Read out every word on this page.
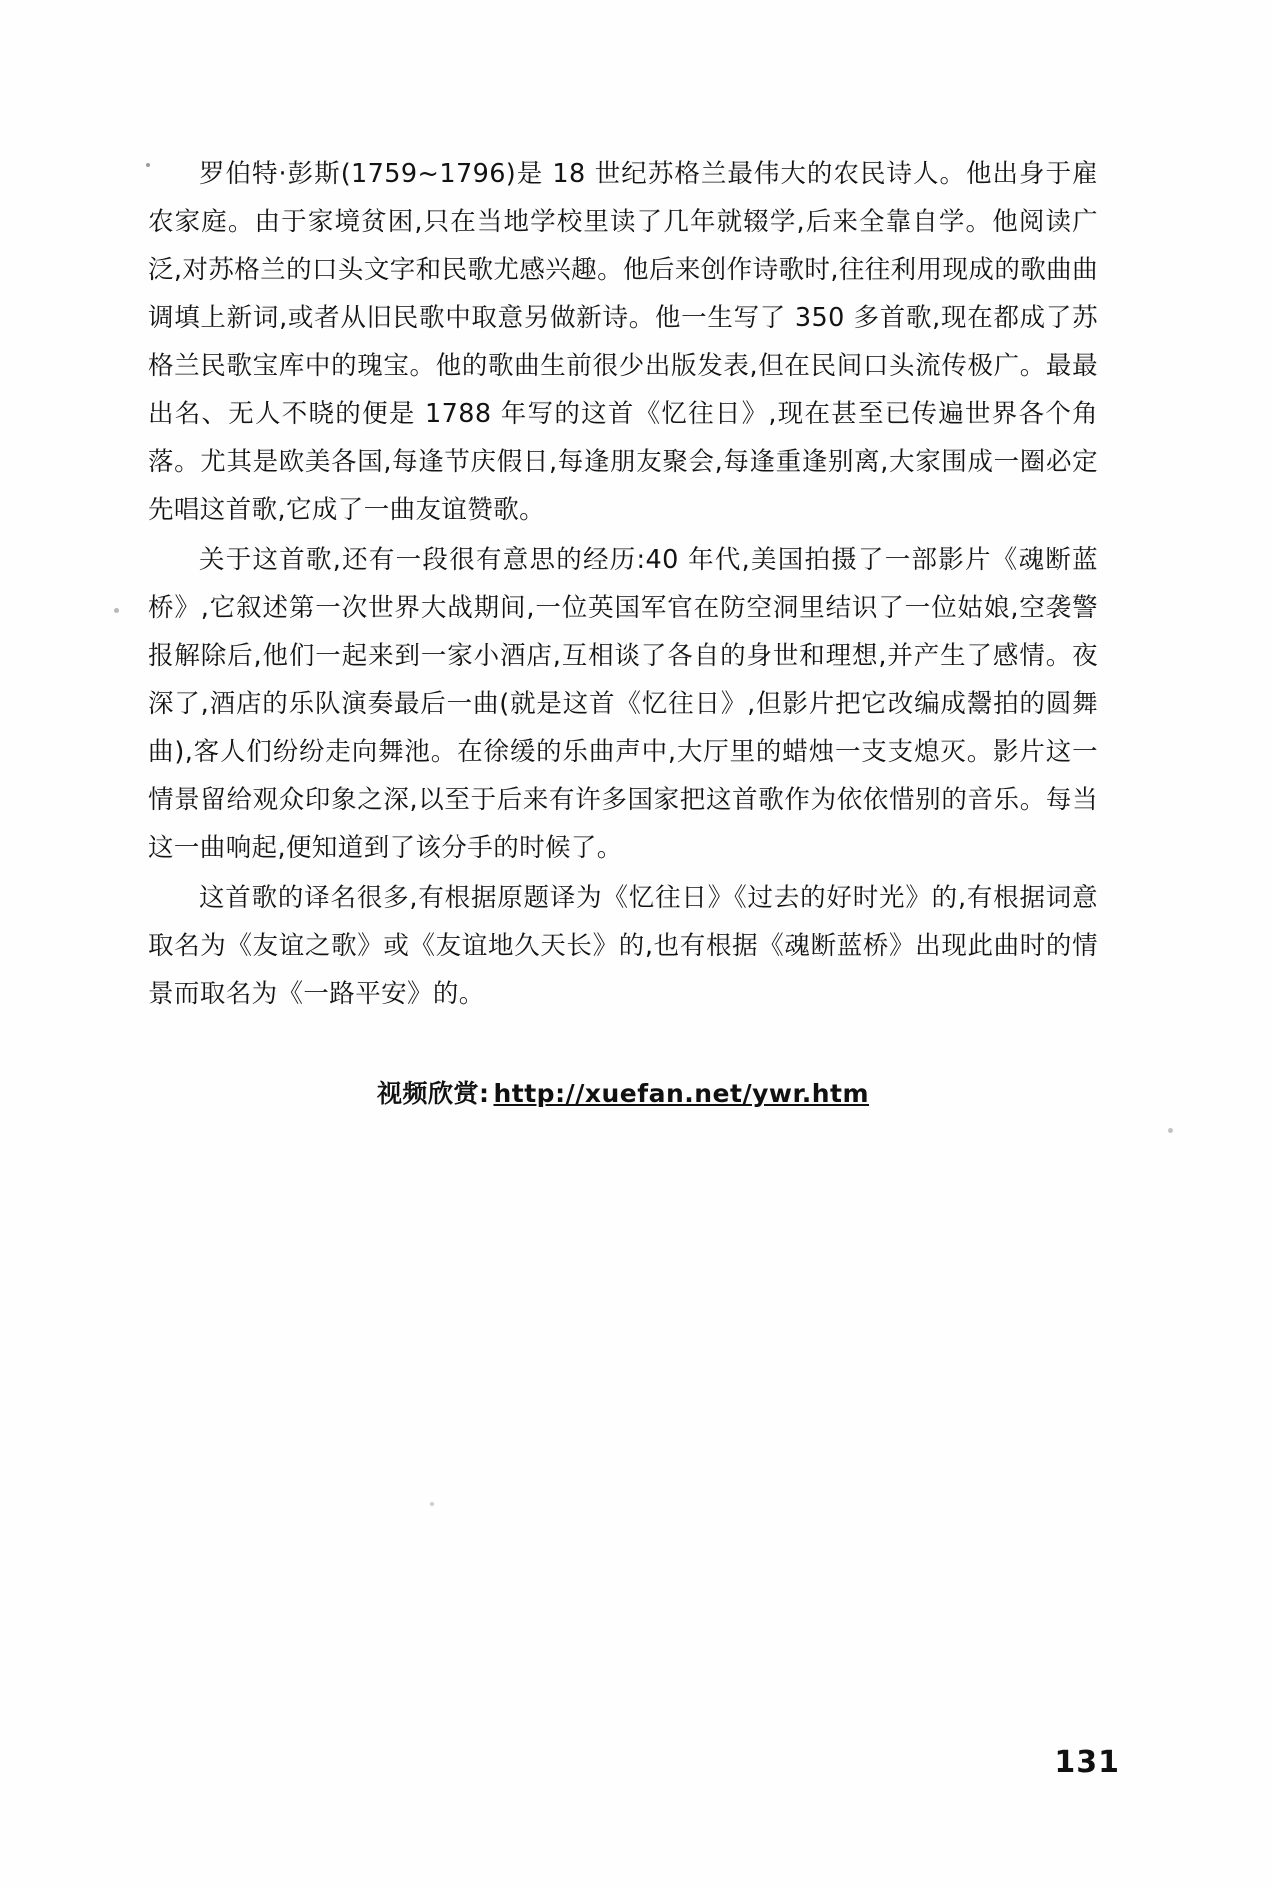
罗伯特·彭斯(1759~1796)是 18 世纪苏格兰最伟大的农民诗人。他出身于雇农家庭。由于家境贫困,只在当地学校里读了几年就辍学,后来全靠自学。他阅读广泛,对苏格兰的口头文字和民歌尤感兴趣。他后来创作诗歌时,往往利用现成的歌曲曲调填上新词,或者从旧民歌中取意另做新诗。他一生写了 350 多首歌,现在都成了苏格兰民歌宝库中的瑰宝。他的歌曲生前很少出版发表,但在民间口头流传极广。最最出名、无人不晓的便是 1788 年写的这首《忆往日》,现在甚至已传遍世界各个角落。尤其是欧美各国,每逢节庆假日,每逢朋友聚会,每逢重逢别离,大家围成一圈必定先唱这首歌,它成了一曲友谊赞歌。

关于这首歌,还有一段很有意思的经历:40 年代,美国拍摄了一部影片《魂断蓝桥》,它叙述第一次世界大战期间,一位英国军官在防空洞里结识了一位姑娘,空袭警报解除后,他们一起来到一家小酒店,互相谈了各自的身世和理想,并产生了感情。夜深了,酒店的乐队演奏最后一曲(就是这首《忆往日》,但影片把它改编成鬶拍的圆舞曲),客人们纷纷走向舞池。在徐缓的乐曲声中,大厅里的蜡烛一支支熄灭。影片这一情景留给观众印象之深,以至于后来有许多国家把这首歌作为依依惜别的音乐。每当这一曲响起,便知道到了该分手的时候了。

这首歌的译名很多,有根据原题译为《忆往日》《过去的好时光》的,有根据词意取名为《友谊之歌》或《友谊地久天长》的,也有根据《魂断蓝桥》出现此曲时的情景而取名为《一路平安》的。

视频欣赏: http://xuefan.net/ywr.htm
131
